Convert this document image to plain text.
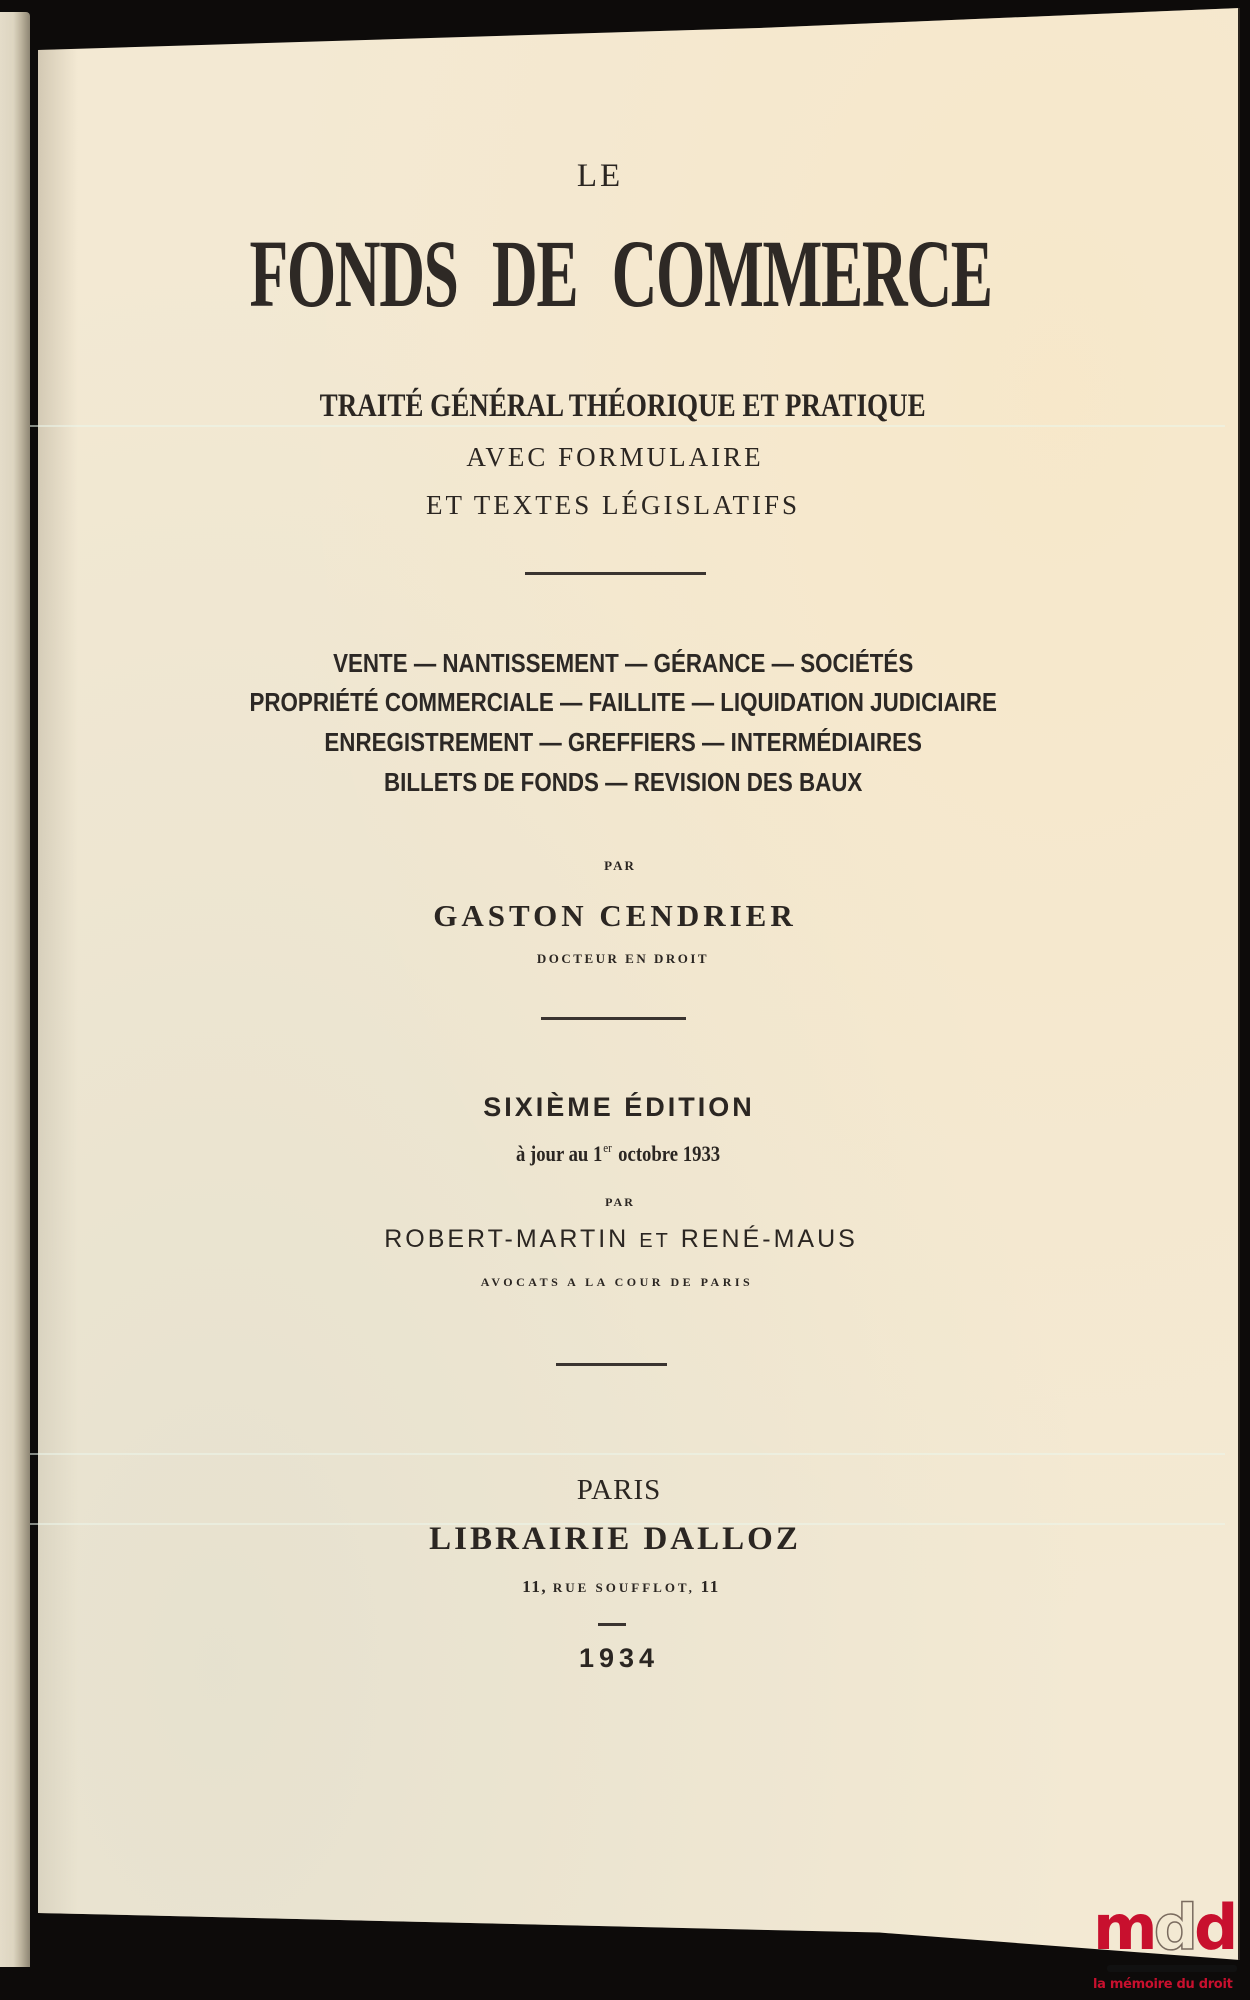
LE
FONDS DE COMMERCE
TRAITÉ GÉNÉRAL THÉORIQUE ET PRATIQUE
AVEC FORMULAIRE
ET TEXTES LÉGISLATIFS
VENTE — NANTISSEMENT — GÉRANCE — SOCIÉTÉS
PROPRIÉTÉ COMMERCIALE — FAILLITE — LIQUIDATION JUDICIAIRE
ENREGISTREMENT — GREFFIERS — INTERMÉDIAIRES
BILLETS DE FONDS — REVISION DES BAUX
PAR
GASTON CENDRIER
DOCTEUR EN DROIT
SIXIÈME ÉDITION
à jour au 1er octobre 1933
PAR
ROBERT-MARTIN ET RENÉ-MAUS
AVOCATS A LA COUR DE PARIS
PARIS
LIBRAIRIE DALLOZ
11, RUE SOUFFLOT, 11
1934
mdd
la mémoire du droit
